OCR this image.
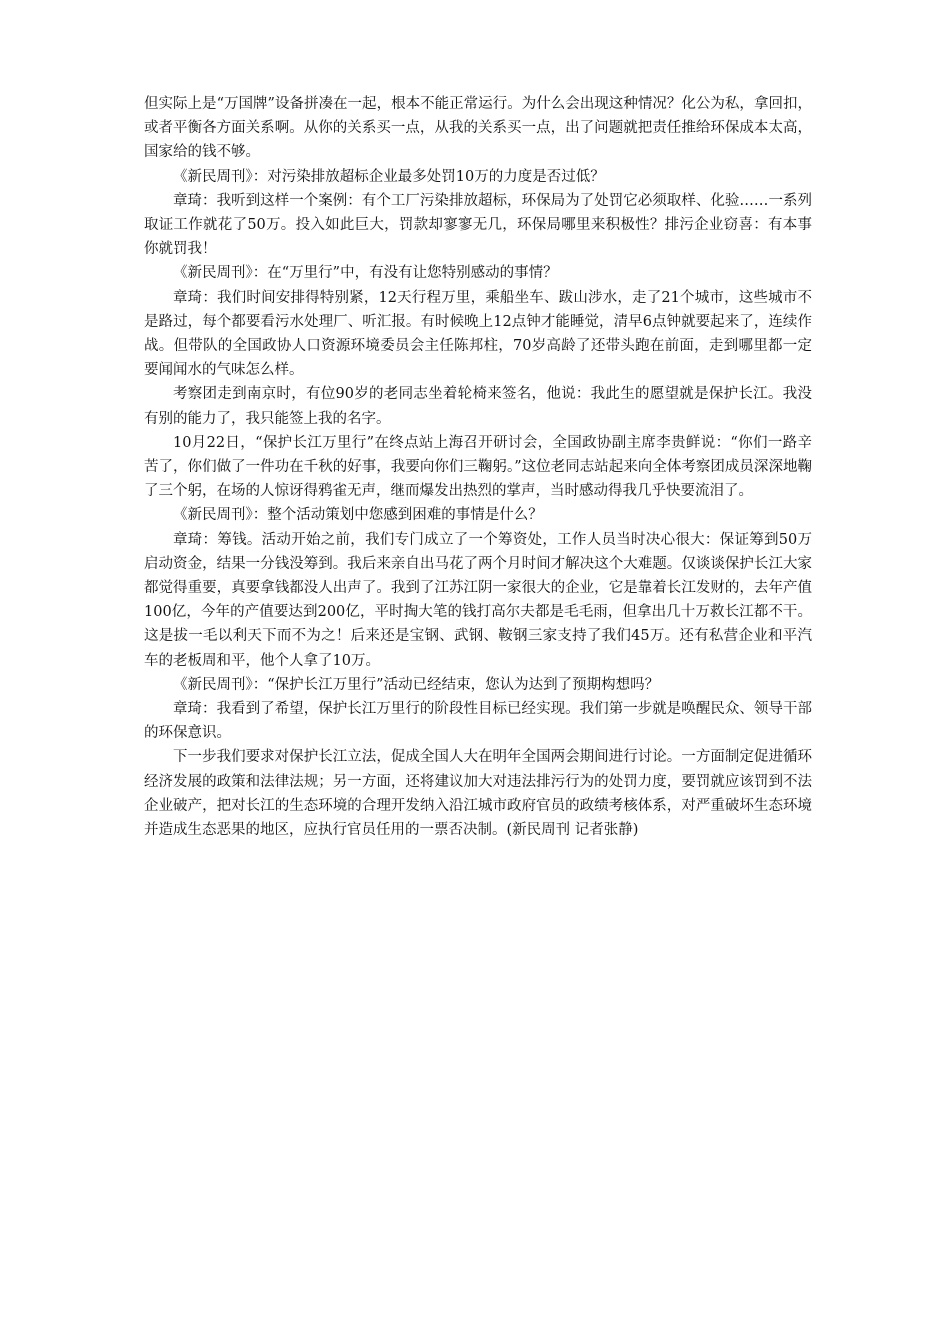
但实际上是“万国牌”设备拼凑在一起，根本不能正常运行。为什么会出现这种情况？化公为私，拿回扣，或者平衡各方面关系啊。从你的关系买一点，从我的关系买一点，出了问题就把责任推给环保成本太高，国家给的钱不够。

《新民周刊》：对污染排放超标企业最多处罚10万的力度是否过低？

章琦：我听到这样一个案例：有个工厂污染排放超标，环保局为了处罚它必须取样、化验……一系列取证工作就花了50万。投入如此巨大，罚款却寥寥无几，环保局哪里来积极性？排污企业窃喜：有本事你就罚我！

《新民周刊》：在“万里行”中，有没有让您特别感动的事情？

章琦：我们时间安排得特别紧，12天行程万里，乘船坐车、跋山涉水，走了21个城市，这些城市不是路过，每个都要看污水处理厂、听汇报。有时候晚上12点钟才能睡觉，清早6点钟就要起来了，连续作战。但带队的全国政协人口资源环境委员会主任陈邦柱，70岁高龄了还带头跑在前面，走到哪里都一定要闻闻水的气味怎么样。

考察团走到南京时，有位90岁的老同志坐着轮椅来签名，他说：我此生的愿望就是保护长江。我没有别的能力了，我只能签上我的名字。

10月22日，“保护长江万里行”在终点站上海召开研讨会，全国政协副主席李贵鲜说：“你们一路辛苦了，你们做了一件功在千秋的好事，我要向你们三鞠躬。”这位老同志站起来向全体考察团成员深深地鞠了三个躬，在场的人惊讶得鸦雀无声，继而爆发出热烈的掌声，当时感动得我几乎快要流泪了。

《新民周刊》：整个活动策划中您感到困难的事情是什么？

章琦：筹钱。活动开始之前，我们专门成立了一个筹资处，工作人员当时决心很大：保证筹到50万启动资金，结果一分钱没筹到。我后来亲自出马花了两个月时间才解决这个大难题。仅谈谈保护长江大家都觉得重要，真要拿钱都没人出声了。我到了江苏江阴一家很大的企业，它是靠着长江发财的，去年产值100亿，今年的产值要达到200亿，平时掏大笔的钱打高尔夫都是毛毛雨，但拿出几十万救长江都不干。这是拔一毛以利天下而不为之！后来还是宝钢、武钢、鞍钢三家支持了我们45万。还有私营企业和平汽车的老板周和平，他个人拿了10万。

《新民周刊》：“保护长江万里行”活动已经结束，您认为达到了预期构想吗？

章琦：我看到了希望，保护长江万里行的阶段性目标已经实现。我们第一步就是唤醒民众、领导干部的环保意识。

下一步我们要求对保护长江立法，促成全国人大在明年全国两会期间进行讨论。一方面制定促进循环经济发展的政策和法律法规；另一方面，还将建议加大对违法排污行为的处罚力度，要罚就应该罚到不法企业破产，把对长江的生态环境的合理开发纳入沿江城市政府官员的政绩考核体系，对严重破坏生态环境并造成生态恶果的地区，应执行官员任用的一票否决制。(新民周刊 记者张静)
